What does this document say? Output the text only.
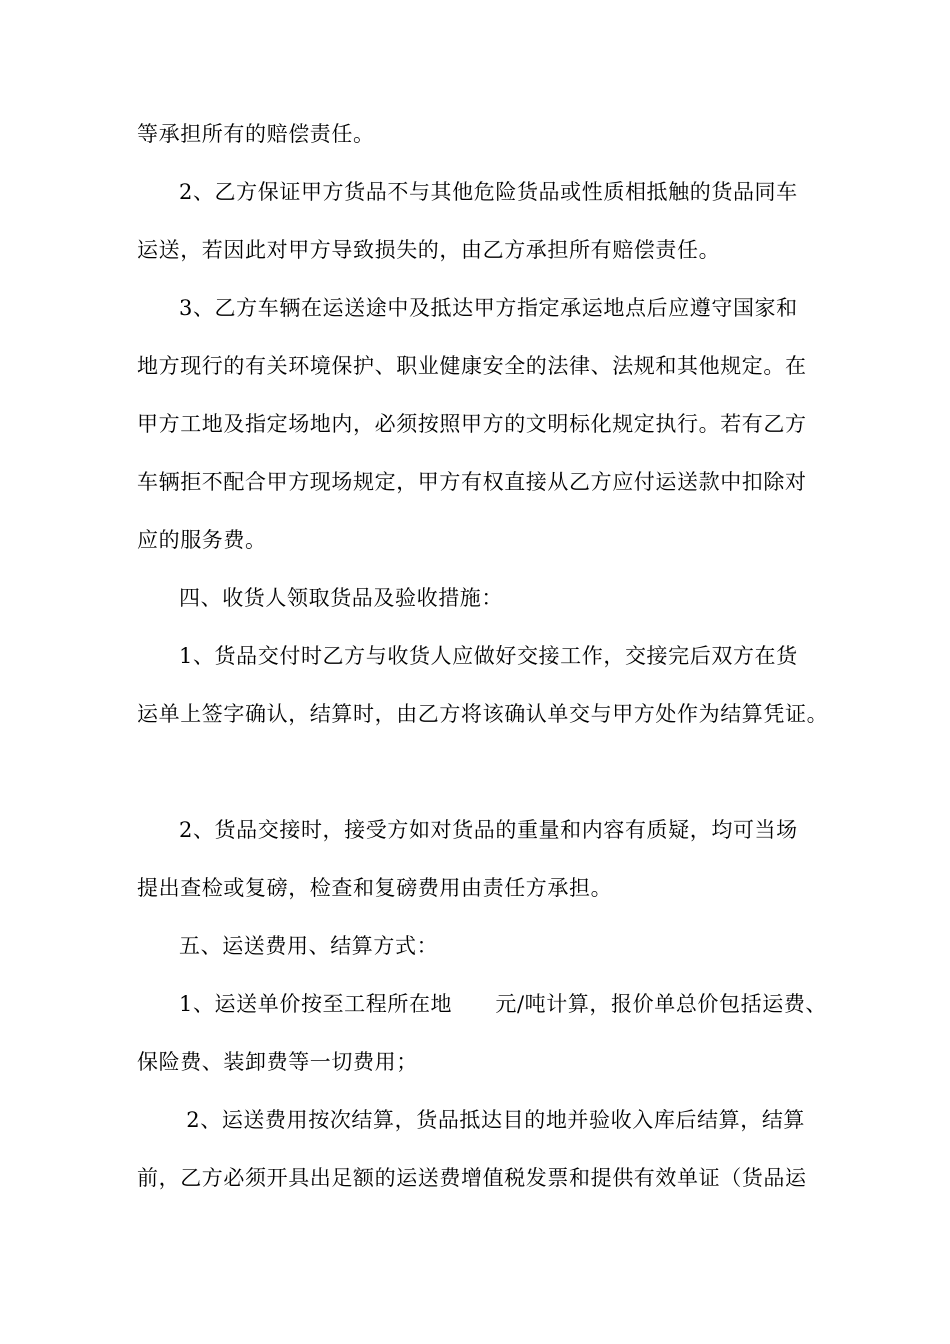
等承担所有的赔偿责任。
2、乙方保证甲方货品不与其他危险货品或性质相抵触的货品同车
运送，若因此对甲方导致损失的，由乙方承担所有赔偿责任。
3、乙方车辆在运送途中及抵达甲方指定承运地点后应遵守国家和
地方现行的有关环境保护、职业健康安全的法律、法规和其他规定。在
甲方工地及指定场地内，必须按照甲方的文明标化规定执行。若有乙方
车辆拒不配合甲方现场规定，甲方有权直接从乙方应付运送款中扣除对
应的服务费。
四、收货人领取货品及验收措施：
1、货品交付时乙方与收货人应做好交接工作，交接完后双方在货
运单上签字确认，结算时，由乙方将该确认单交与甲方处作为结算凭证。
2、货品交接时，接受方如对货品的重量和内容有质疑，均可当场
提出查检或复磅，检查和复磅费用由责任方承担。
五、运送费用、结算方式：
1、运送单价按至工程所在地　　元/吨计算，报价单总价包括运费、
保险费、装卸费等一切费用；
2、运送费用按次结算，货品抵达目的地并验收入库后结算，结算
前，乙方必须开具出足额的运送费增值税发票和提供有效单证（货品运
